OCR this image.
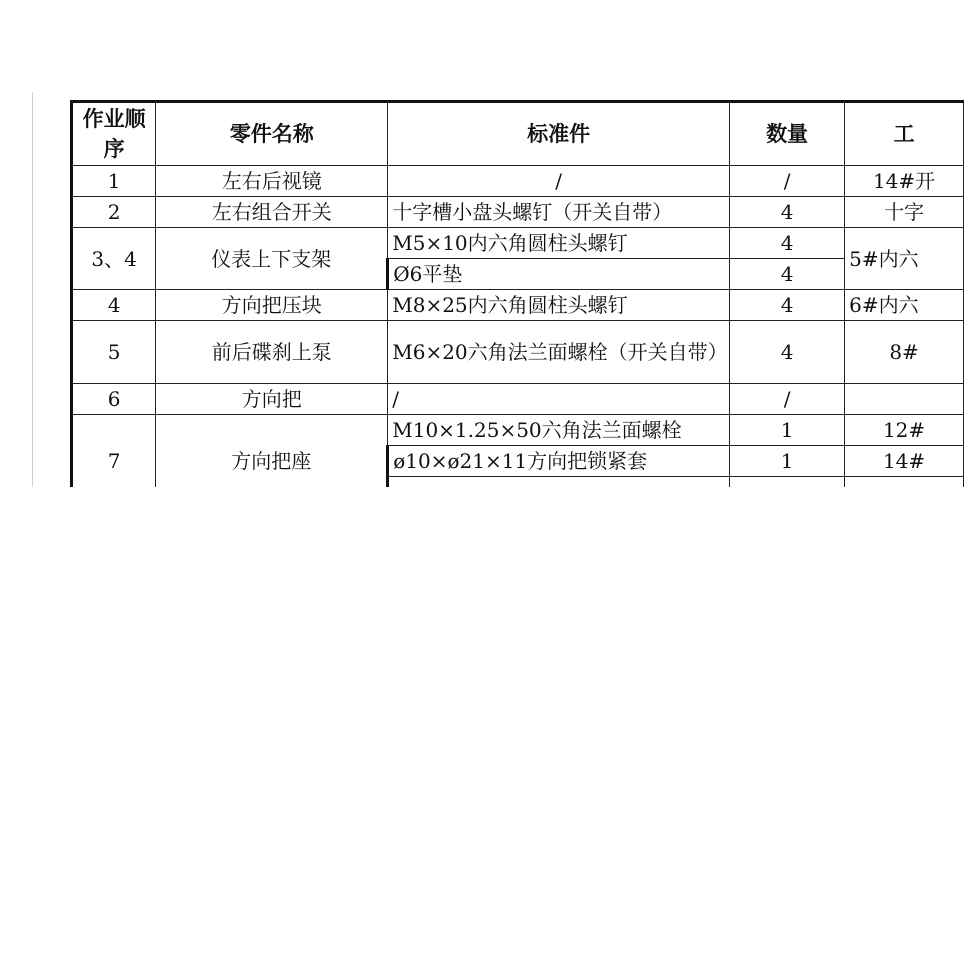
作业顺序	零件名称	标准件	数量	工
1	左右后视镜	/	/	14#开
2	左右组合开关	十字槽小盘头螺钉（开关自带）	4	十字
3、4	仪表上下支架	M5×10内六角圆柱头螺钉	4	5#内六
		Ø6平垫	4	
4	方向把压块	M8×25内六角圆柱头螺钉	4	6#内六
5	前后碟刹上泵	M6×20六角法兰面螺栓（开关自带）	4	8#
6	方向把	/	/	
7	方向把座	M10×1.25×50六角法兰面螺栓	1	12#
		ø10×ø21×11方向把锁紧套	1	14#
